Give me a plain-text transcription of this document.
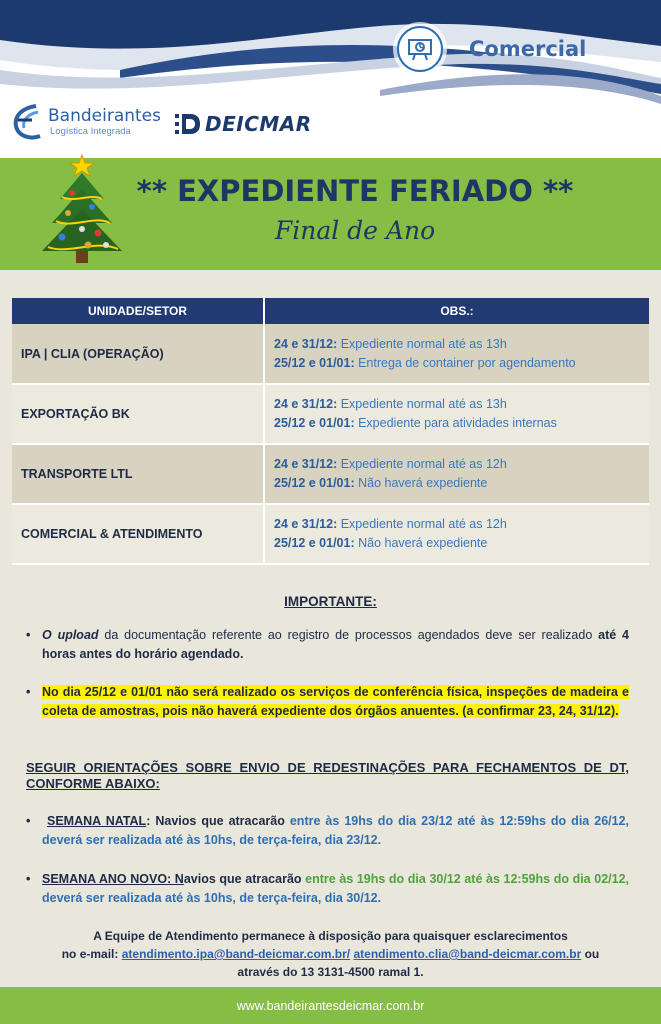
Comercial
Bandeirantes
Logística Integrada	DEICMAR
** EXPEDIENTE FERIADO **
Final de Ano
UNIDADE/SETOR	OBS.:
IPA | CLIA (OPERAÇÃO)	24 e 31/12: Expediente normal até as 13h
25/12 e 01/01: Entrega de container por agendamento
EXPORTAÇÃO BK	24 e 31/12: Expediente normal até as 13h
25/12 e 01/01: Expediente para atividades internas
TRANSPORTE LTL	24 e 31/12: Expediente normal até as 12h
25/12 e 01/01: Não haverá expediente
COMERCIAL & ATENDIMENTO	24 e 31/12: Expediente normal até as 12h
25/12 e 01/01: Não haverá expediente
IMPORTANTE:
• O upload da documentação referente ao registro de processos agendados deve ser realizado até 4 horas antes do horário agendado.
• No dia 25/12 e 01/01 não será realizado os serviços de conferência física, inspeções de madeira e coleta de amostras, pois não haverá expediente dos órgãos anuentes. (a confirmar 23, 24, 31/12).
SEGUIR ORIENTAÇÕES SOBRE ENVIO DE REDESTINAÇÕES PARA FECHAMENTOS DE DT, CONFORME ABAIXO:
•	SEMANA NATAL: Navios que atracarão entre às 19hs do dia 23/12 até às 12:59hs do dia 26/12, deverá ser realizada até às 10hs, de terça-feira, dia 23/12.
• SEMANA ANO NOVO: Navios que atracarão entre às 19hs do dia 30/12 até às 12:59hs do dia 02/12, deverá ser realizada até às 10hs, de terça-feira, dia 30/12.
A Equipe de Atendimento permanece à disposição para quaisquer esclarecimentos
no e-mail: atendimento.ipa@band-deicmar.com.br/ atendimento.clia@band-deicmar.com.br ou
através do 13 3131-4500 ramal 1.
www.bandeirantesdeicmar.com.br
